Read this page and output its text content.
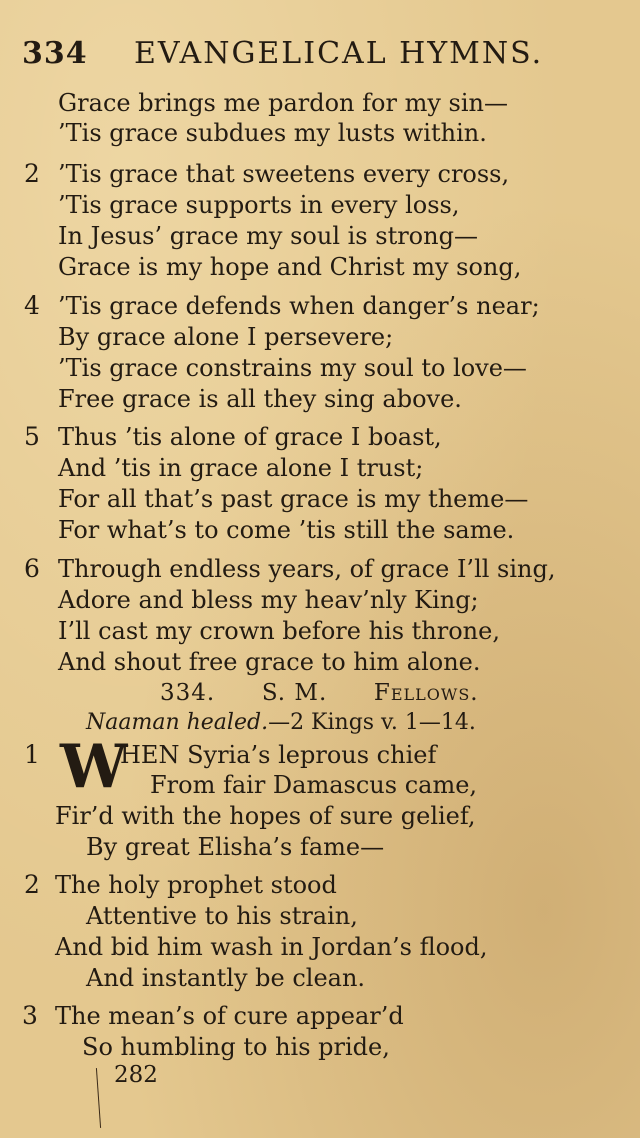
334 EVANGELICAL HYMNS.
Grace brings me pardon for my sin—
’Tis grace subdues my lusts within.
2 ’Tis grace that sweetens every cross,
’Tis grace supports in every loss,
In Jesus’ grace my soul is strong—
Grace is my hope and Christ my song,
4 ’Tis grace defends when danger’s near;
By grace alone I persevere;
’Tis grace constrains my soul to love—
Free grace is all they sing above.
5 Thus ’tis alone of grace I boast,
And ’tis in grace alone I trust;
For all that’s past grace is my theme—
For what’s to come ’tis still the same.
6 Through endless years, of grace I’ll sing,
Adore and bless my heav’nly King;
I’ll cast my crown before his throne,
And shout free grace to him alone.
334. S. M. Fellows.
Naaman healed.—2 Kings v. 1—14.
1 W
HEN Syria’s leprous chief
From fair Damascus came,
Fir’d with the hopes of sure gelief,
By great Elisha’s fame—
2 The holy prophet stood
Attentive to his strain,
And bid him wash in Jordan’s flood,
And instantly be clean.
3 The mean’s of cure appear’d
So humbling to his pride,
282
